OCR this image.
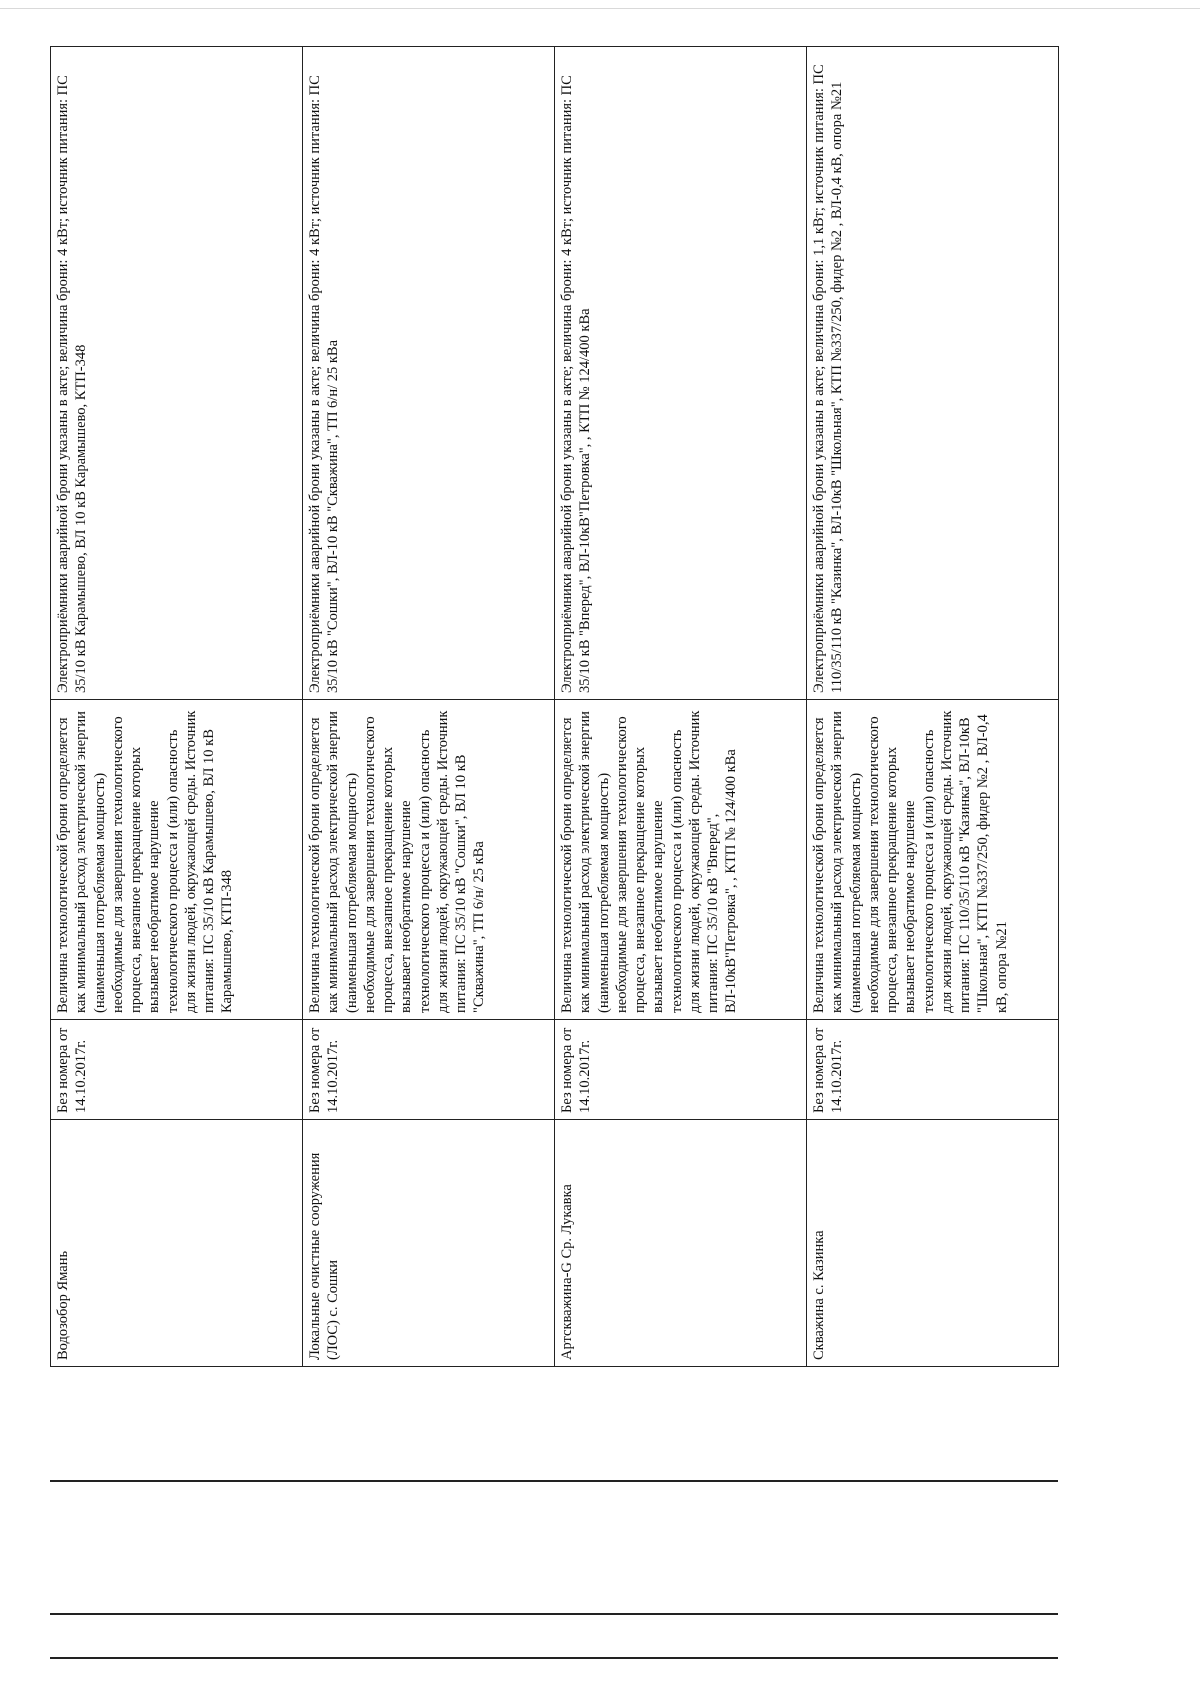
Водозобор Ямань	Без номера от 14.10.2017г.	Величина технологической брони определяется как минимальный расход электрической энергии (наименьшая потребляемая мощность) необходимые для завершения технологического процесса, внезапное прекращение которых вызывает необратимое нарушение технологического процесса и (или) опасность для жизни людей, окружающей среды. Источник питания: ПС 35/10 кВ Карамышево, ВЛ 10 кВ Карамышево, КТП-348	Электроприёмники аварийной брони указаны в акте; величина брони: 4 кВт; источник питания: ПС 35/10 кВ Карамышево, ВЛ 10 кВ Карамышево, КТП-348
Локальные очистные сооружения (ЛОС) с. Сошки	Без номера от 14.10.2017г.	Величина технологической брони определяется как минимальный расход электрической энергии (наименьшая потребляемая мощность) необходимые для завершения технологического процесса, внезапное прекращение которых вызывает необратимое нарушение технологического процесса и (или) опасность для жизни людей, окружающей среды. Источник питания: ПС 35/10 кВ "Сошки", ВЛ 10 кВ "Скважина", ТП 6/н/ 25 кВа	Электроприёмники аварийной брони указаны в акте; величина брони: 4 кВт; источник питания: ПС 35/10 кВ "Сошки", ВЛ-10 кВ "Скважина", ТП 6/н/ 25 кВа
Артскважина-G Ср. Лукавка	Без номера от 14.10.2017г.	Величина технологической брони определяется как минимальный расход электрической энергии (наименьшая потребляемая мощность) необходимые для завершения технологического процесса, внезапное прекращение которых вызывает необратимое нарушение технологического процесса и (или) опасность для жизни людей, окружающей среды. Источник питания: ПС 35/10 кВ "Вперед", ВЛ-10кВ"Петровка", , КТП № 124/400 кВа	Электроприёмники аварийной брони указаны в акте; величина брони: 4 кВт; источник питания: ПС 35/10 кВ "Вперед", ВЛ-10кВ"Петровка", , КТП № 124/400 кВа
Скважина с. Казинка	Без номера от 14.10.2017г.	Величина технологической брони определяется как минимальный расход электрической энергии (наименьшая потребляемая мощность) необходимые для завершения технологического процесса, внезапное прекращение которых вызывает необратимое нарушение технологического процесса и (или) опасность для жизни людей, окружающей среды. Источник питания: ПС 110/35/110 кВ "Казинка", ВЛ-10кВ "Школьная", КТП №337/250, фидер №2 , ВЛ-0,4 кВ, опора №21	Электроприёмники аварийной брони указаны в акте; величина брони: 1,1 кВт; источник питания: ПС 110/35/110 кВ "Казинка", ВЛ-10кВ "Школьная", КТП №337/250, фидер №2 , ВЛ-0,4 кВ, опора №21
